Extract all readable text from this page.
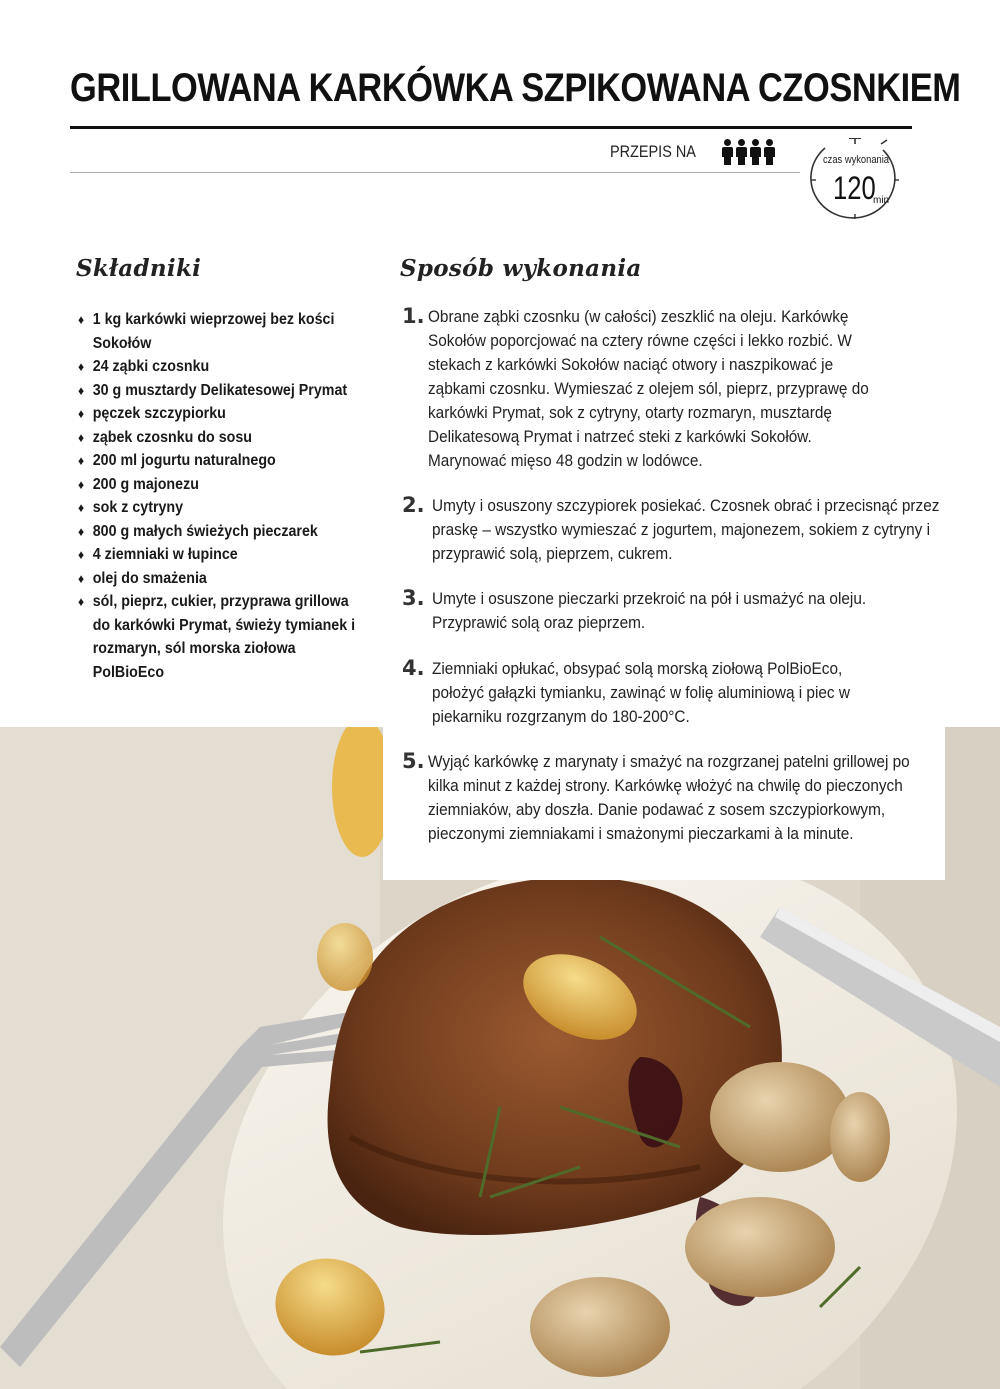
GRILLOWANA KARKÓWKA SZPIKOWANA CZOSNKIEM
PRZEPIS NA	czas wykonania
120
min
Składniki	Sposób wykonania
♦ 1 kg karkówki wieprzowej bez kości Sokołów
♦ 24 ząbki czosnku
♦ 30 g musztardy Delikatesowej Prymat
♦ pęczek szczypiorku
♦ ząbek czosnku do sosu
♦ 200 ml jogurtu naturalnego
♦ 200 g majonezu
♦ sok z cytryny
♦ 800 g małych świeżych pieczarek
♦ 4 ziemniaki w łupince
♦ olej do smażenia
♦ sól, pieprz, cukier, przyprawa grillowa do karkówki Prymat, świeży tymianek i rozmaryn, sól morska ziołowa PolBioEco
1. Obrane ząbki czosnku (w całości) zeszklić na oleju. Karkówkę Sokołów poporcjować na cztery równe części i lekko rozbić. W stekach z karkówki Sokołów naciąć otwory i naszpikować je ząbkami czosnku. Wymieszać z olejem sól, pieprz, przyprawę do karkówki Prymat, sok z cytryny, otarty rozmaryn, musztardę Delikatesową Prymat i natrzeć steki z karkówki Sokołów. Marynować mięso 48 godzin w lodówce.

2. Umyty i osuszony szczypiorek posiekać. Czosnek obrać i przecisnąć przez praskę – wszystko wymieszać z jogurtem, majonezem, sokiem z cytryny i przyprawić solą, pieprzem, cukrem.

3. Umyte i osuszone pieczarki przekroić na pół i usmażyć na oleju. Przyprawić solą oraz pieprzem.

4. Ziemniaki opłukać, obsypać solą morską ziołową PolBioEco, położyć gałązki tymianku, zawinąć w folię aluminiową i piec w piekarniku rozgrzanym do 180-200°C.

5. Wyjąć karkówkę z marynaty i smażyć na rozgrzanej patelni grillowej po kilka minut z każdej strony. Karkówkę włożyć na chwilę do pieczonych ziemniaków, aby doszła. Danie podawać z sosem szczypiorkowym, pieczonymi ziemniakami i smażonymi pieczarkami à la minute.
